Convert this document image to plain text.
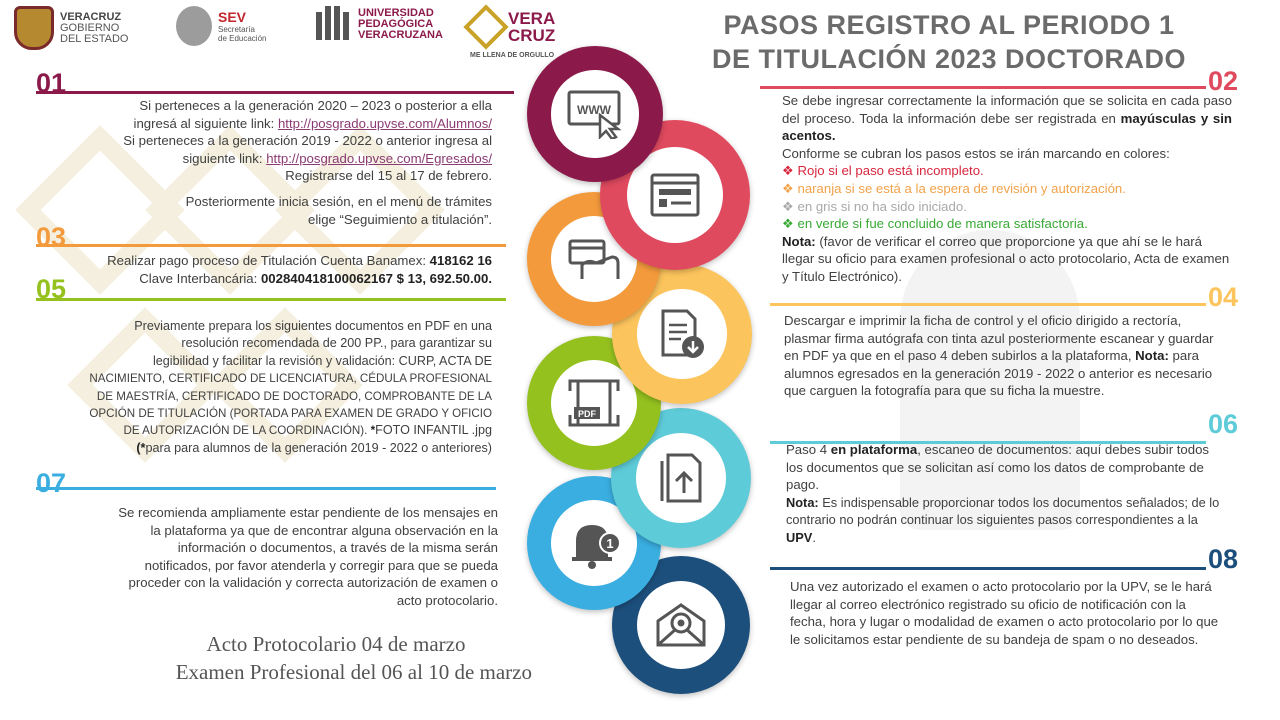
VERACRUZ
GOBIERNO
DEL ESTADO
SEV
Secretaría
de Educación
UNIVERSIDAD
PEDAGÓGICA
VERACRUZANA
VERA
CRUZ
ME LLENA DE ORGULLO
PASOS REGISTRO AL PERIODO 1
DE TITULACIÓN 2023 DOCTORADO
01	02
03
05	04
06
07
08
1
PDF
WWW

Si perteneces a la generación 2020 – 2023 o posterior a ella

ingresá al siguiente link: http://posgrado.upvse.com/Alumnos/

Si perteneces a la generación 2019 - 2022 o anterior ingresa al

siguiente link: http://posgrado.upvse.com/Egresados/

Registrarse del 15 al 17 de febrero.

Posteriormente inicia sesión, en el menú de trámites

elige “Seguimiento a titulación”.

Realizar pago proceso de Titulación Cuenta Banamex: 418162 16

Clave Interbancária: 002840418100062167 $ 13, 692.50.00.

Previamente prepara los siguientes documentos en PDF en una

resolución recomendada de 200 PP., para garantizar su

legibilidad y facilitar la revisión y validación: CURP, ACTA DE

NACIMIENTO, CERTIFICADO DE LICENCIATURA, CÉDULA PROFESIONAL

DE MAESTRÍA, CERTIFICADO DE DOCTORADO, COMPROBANTE DE LA

OPCIÓN DE TITULACIÓN (PORTADA PARA EXAMEN DE GRADO Y OFICIO

DE AUTORIZACIÓN DE LA COORDINACIÓN). *FOTO INFANTIL .jpg

(*para para alumnos de la generación 2019 - 2022 o anteriores)

Se recomienda ampliamente estar pendiente de los mensajes en

la plataforma ya que de encontrar alguna observación en la

información o documentos, a través de la misma serán

notificados, por favor atenderla y corregir para que se pueda

proceder con la validación y correcta autorización de examen o

acto protocolario.

Acto Protocolario 04 de marzo
Examen Profesional del 06 al 10 de marzo

Se debe ingresar correctamente la información que se solicita en cada paso del proceso. Toda la información debe ser registrada en mayúsculas y sin acentos.

Conforme se cubran los pasos estos se irán marcando en colores:

❖ Rojo si el paso está incompleto.

❖ naranja si se está a la espera de revisión y autorización.

❖ en gris si no ha sido iniciado.

❖ en verde si fue concluido de manera satisfactoria.

Nota: (favor de verificar el correo que proporcione ya que ahí se le hará llegar su oficio para examen profesional o acto protocolario, Acta de examen y Título Electrónico).

Descargar e imprimir la ficha de control y el oficio dirigido a rectoría, plasmar firma autógrafa con tinta azul posteriormente escanear y guardar en PDF ya que en el paso 4 deben subirlos a la plataforma, Nota: para alumnos egresados en la generación 2019 - 2022 o anterior es necesario que carguen la fotografía para que su ficha la muestre.

Paso 4 en plataforma, escaneo de documentos: aquí debes subir todos los documentos que se solicitan así como los datos de comprobante de pago.

Nota: Es indispensable proporcionar todos los documentos señalados; de lo contrario no podrán continuar los siguientes pasos correspondientes a la UPV.

Una vez autorizado el examen o acto protocolario por la UPV, se le hará llegar al correo electrónico registrado su oficio de notificación con la fecha, hora y lugar o modalidad de examen o acto protocolario por lo que le solicitamos estar pendiente de su bandeja de spam o no deseados.
